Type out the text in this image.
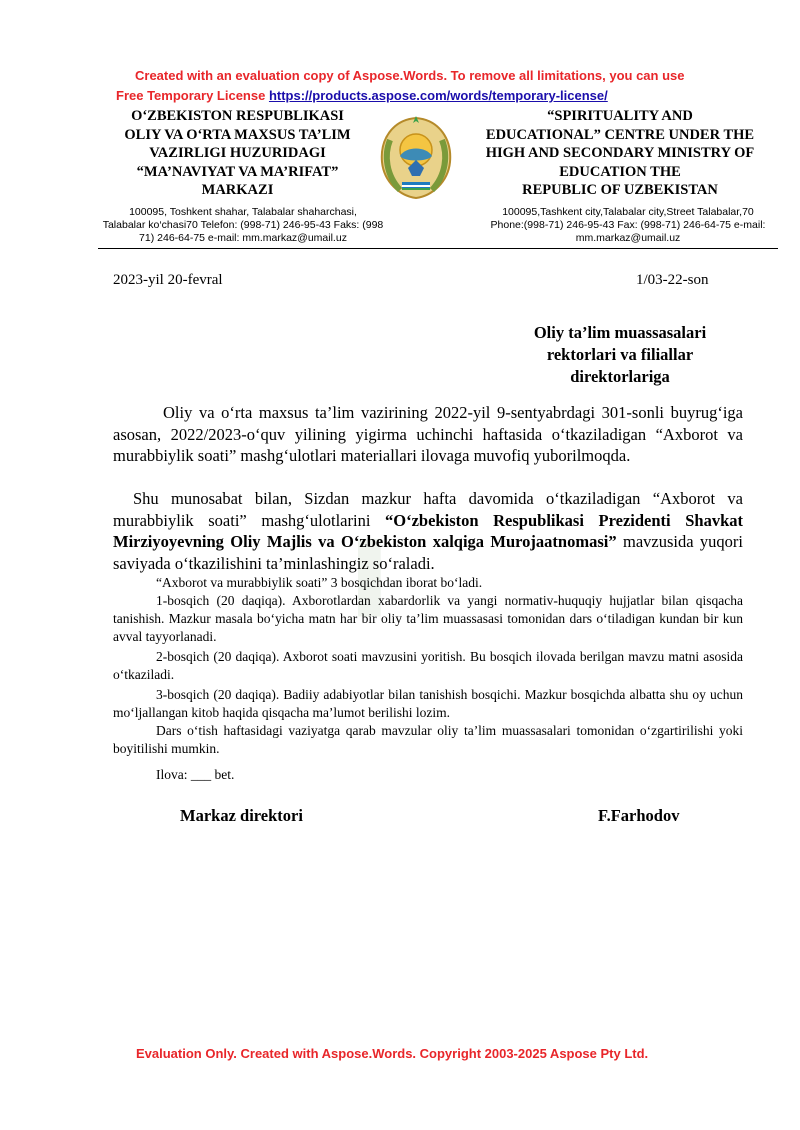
Created with an evaluation copy of Aspose.Words. To remove all limitations, you can use
Free Temporary License https://products.aspose.com/words/temporary-license/
O‘ZBEKISTON RESPUBLIKASI
OLIY VA O‘RTA MAXSUS TA’LIM
VAZIRLIGI HUZURIDAGI
“MA’NAVIYAT VA MA’RIFAT”
MARKAZI
“SPIRITUALITY AND
EDUCATIONAL” CENTRE UNDER THE
HIGH AND SECONDARY MINISTRY OF
EDUCATION THE
REPUBLIC OF UZBEKISTAN
100095, Toshkent shahar, Talabalar shaharchasi,
Talabalar ko‘chasi70 Telefon: (998-71) 246-95-43 Faks: (998
71) 246-64-75 e-mail: mm.markaz@umail.uz
100095,Tashkent city,Talabalar city,Street Talabalar,70
Phone:(998-71) 246-95-43 Fax: (998-71) 246-64-75 e-mail:
mm.markaz@umail.uz
2023-yil 20-fevral	1/03-22-son
Oliy ta’lim muassasalari
rektorlari va filiallar
direktorlariga
▌
Oliy va o‘rta maxsus ta’lim vazirining 2022-yil 9-sentyabrdagi 301-sonli buyrug‘iga asosan, 2022/2023-o‘quv yilining yigirma uchinchi haftasida o‘tkaziladigan “Axborot va murabbiylik soati” mashg‘ulotlari materiallari ilovaga muvofiq yuborilmoqda.
Shu munosabat bilan, Sizdan mazkur hafta davomida o‘tkaziladigan “Axborot va murabbiylik soati” mashg‘ulotlarini “O‘zbekiston Respublikasi Prezidenti Shavkat Mirziyoyevning Oliy Majlis va O‘zbekiston xalqiga Murojaatnomasi” mavzusida yuqori saviyada o‘tkazilishini ta’minlashingiz so‘raladi.
“Axborot va murabbiylik soati” 3 bosqichdan iborat bo‘ladi.
1-bosqich (20 daqiqa). Axborotlardan xabardorlik va yangi normativ-huquqiy hujjatlar bilan qisqacha tanishish. Mazkur masala bo‘yicha matn har bir oliy ta’lim muassasasi tomonidan dars o‘tiladigan kundan bir kun avval tayyorlanadi.
2-bosqich (20 daqiqa). Axborot soati mavzusini yoritish. Bu bosqich ilovada berilgan mavzu matni asosida o‘tkaziladi.
3-bosqich (20 daqiqa). Badiiy adabiyotlar bilan tanishish bosqichi. Mazkur bosqichda albatta shu oy uchun mo‘ljallangan kitob haqida qisqacha ma’lumot berilishi lozim.
Dars o‘tish haftasidagi vaziyatga qarab mavzular oliy ta’lim muassasalari tomonidan o‘zgartirilishi yoki boyitilishi mumkin.
Ilova: ___ bet.
Markaz direktori	F.Farhodov
Evaluation Only. Created with Aspose.Words. Copyright 2003-2025 Aspose Pty Ltd.
